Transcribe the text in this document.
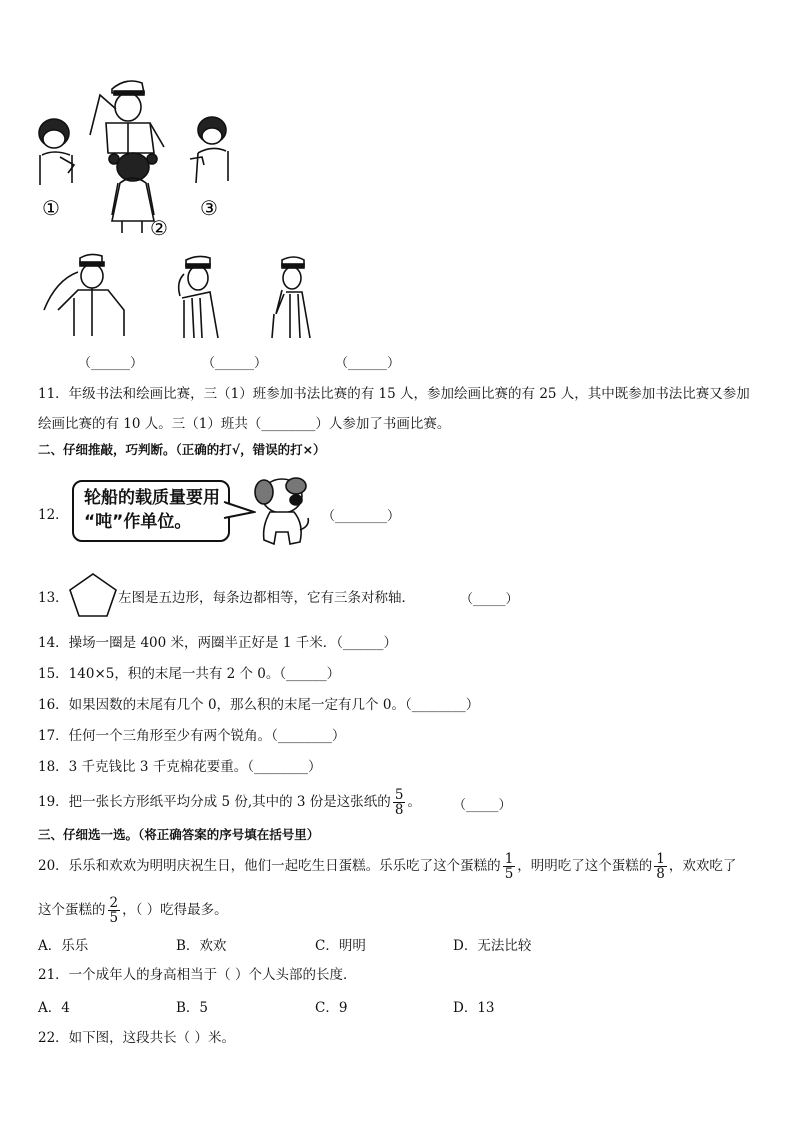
①
②
③
（______）	（______）	（______）
11．年级书法和绘画比赛，三（1）班参加书法比赛的有 15 人，参加绘画比赛的有 25 人，其中既参加书法比赛又参加
绘画比赛的有 10 人。三（1）班共（________）人参加了书画比赛。
二、仔细推敲，巧判断。（正确的打√，错误的打×）
12．
轮船的载质量要用
“吨”作单位。	（________）
13．	左图是五边形，每条边都相等，它有三条对称轴．	（_____）
14．操场一圈是 400 米，两圈半正好是 1 千米．（______）
15．140×5，积的末尾一共有 2 个 0。（______）
16．如果因数的末尾有几个 0，那么积的末尾一定有几个 0。（________）
17．任何一个三角形至少有两个锐角。（________）
18．3 千克钱比 3 千克棉花要重。（________）
19．把一张长方形纸平均分成 5 份,其中的 3 份是这张纸的 $\frac{5}{8}$ 。 （_____）
三、仔细选一选。（将正确答案的序号填在括号里）
20．乐乐和欢欢为明明庆祝生日，他们一起吃生日蛋糕。乐乐吃了这个蛋糕的 $\frac{1}{5}$ ，明明吃了这个蛋糕的 $\frac{1}{8}$ ，欢欢吃了
这个蛋糕的 $\frac{2}{5}$ ，（ ）吃得最多。
A．乐乐	B．欢欢	C．明明	D．无法比较
21．一个成年人的身高相当于（ ）个人头部的长度．
A．4	B．5	C．9	D．13
22．如下图，这段共长（ ）米。
